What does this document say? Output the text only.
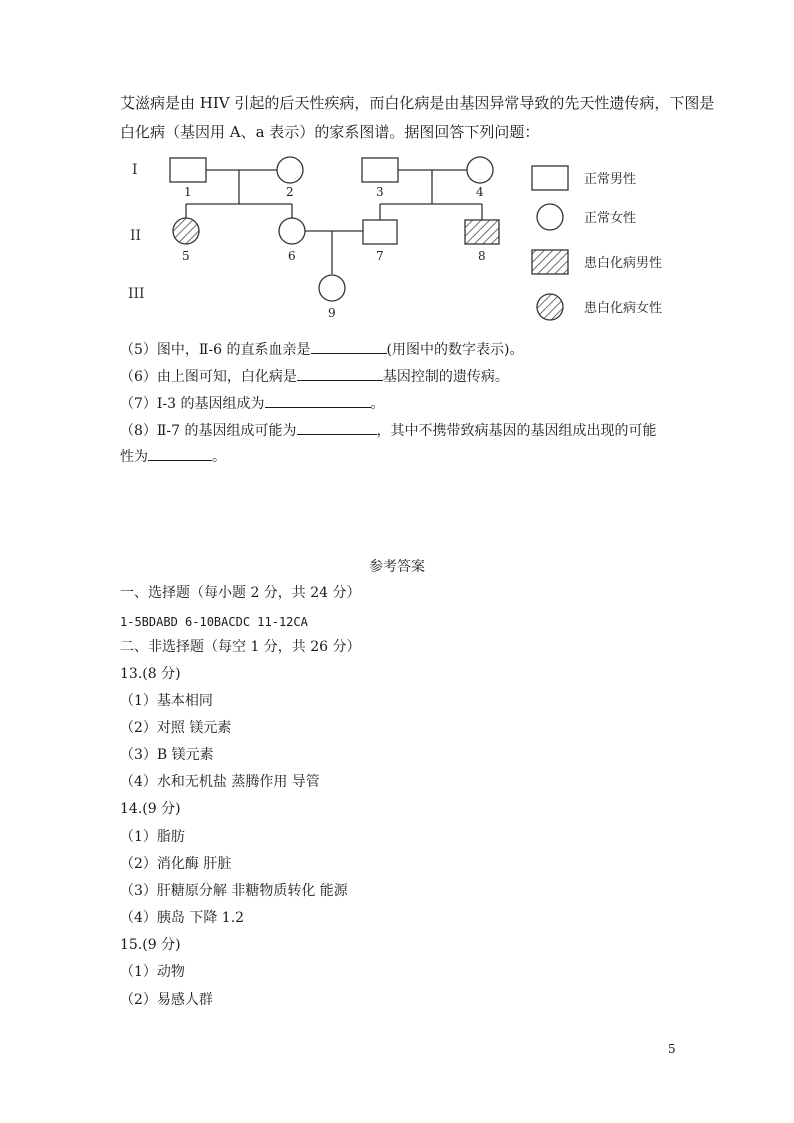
艾滋病是由 HIV 引起的后天性疾病，而白化病是由基因异常导致的先天性遗传病，下图是
白化病（基因用 A、a 表示）的家系图谱。据图回答下列问题：
I
II
III
1	2	3	4
5	6	7	8
9
正常男性
正常女性
患白化病男性
患白化病女性
（5）图中，Ⅱ-6 的直系血亲是	(用图中的数字表示)。
（6）由上图可知，白化病是	基因控制的遗传病。
（7）Ⅰ-3 的基因组成为	。
（8）Ⅱ-7 的基因组成可能为	，其中不携带致病基因的基因组成出现的可能
性为	。
参考答案
一、选择题（每小题 2 分，共 24 分）
1-5BDABD 6-10BACDC 11-12CA
二、非选择题（每空 1 分，共 26 分）
13.(8 分)
（1）基本相同
（2）对照 镁元素
（3）B 镁元素
（4）水和无机盐 蒸腾作用 导管
14.(9 分)
（1）脂肪
（2）消化酶 肝脏
（3）肝糖原分解 非糖物质转化 能源
（4）胰岛 下降 1.2
15.(9 分)
（1）动物
（2）易感人群
5
